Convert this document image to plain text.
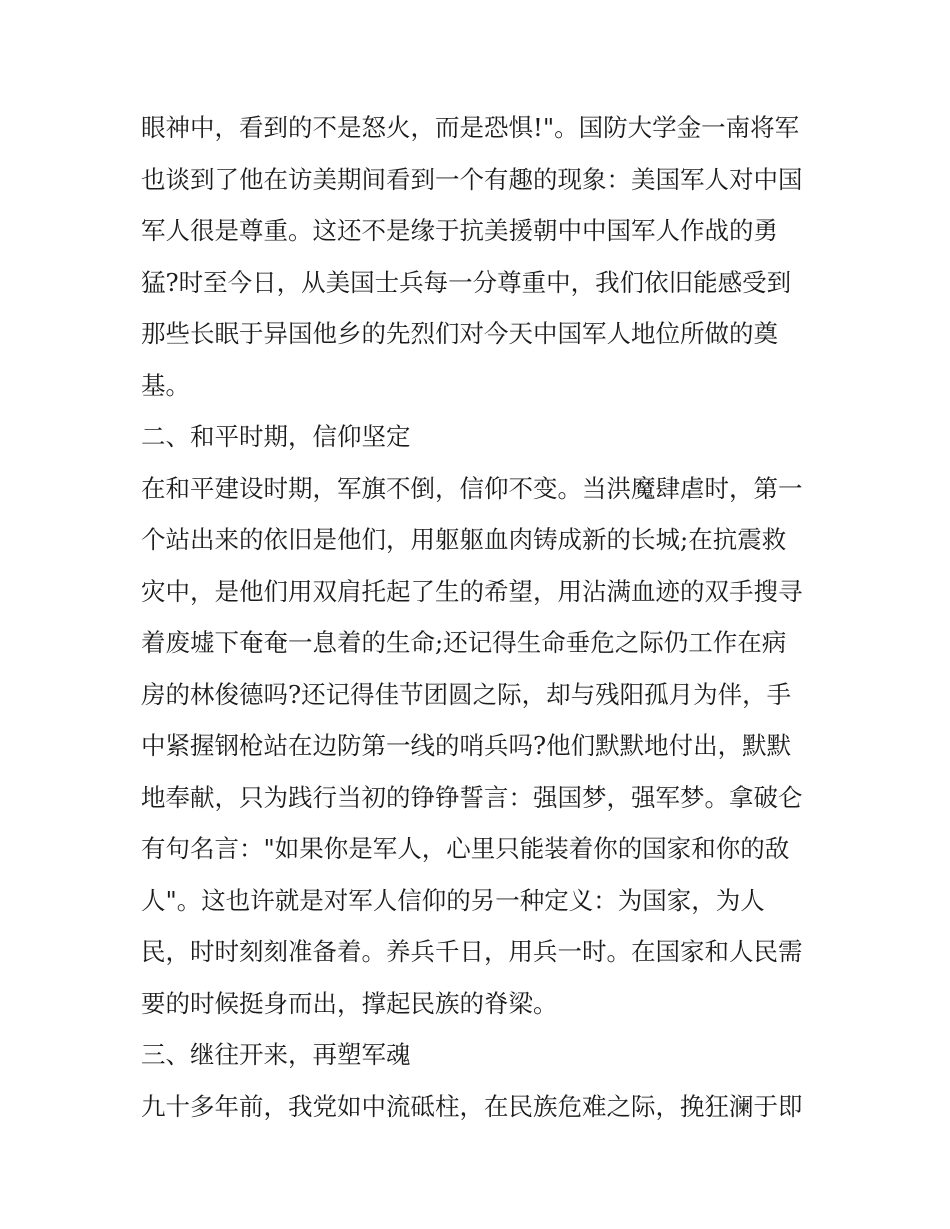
眼神中，看到的不是怒火，而是恐惧!"。国防大学金一南将军
也谈到了他在访美期间看到一个有趣的现象：美国军人对中国
军人很是尊重。这还不是缘于抗美援朝中中国军人作战的勇
猛?时至今日，从美国士兵每一分尊重中，我们依旧能感受到
那些长眠于异国他乡的先烈们对今天中国军人地位所做的奠
基。
二、和平时期，信仰坚定
在和平建设时期，军旗不倒，信仰不变。当洪魔肆虐时，第一
个站出来的依旧是他们，用躯躯血肉铸成新的长城;在抗震救
灾中，是他们用双肩托起了生的希望，用沾满血迹的双手搜寻
着废墟下奄奄一息着的生命;还记得生命垂危之际仍工作在病
房的林俊德吗?还记得佳节团圆之际，却与残阳孤月为伴，手
中紧握钢枪站在边防第一线的哨兵吗?他们默默地付出，默默
地奉献，只为践行当初的铮铮誓言：强国梦，强军梦。拿破仑
有句名言："如果你是军人，心里只能装着你的国家和你的敌
人"。这也许就是对军人信仰的另一种定义：为国家，为人
民，时时刻刻准备着。养兵千日，用兵一时。在国家和人民需
要的时候挺身而出，撑起民族的脊梁。
三、继往开来，再塑军魂
九十多年前，我党如中流砥柱，在民族危难之际，挽狂澜于即
